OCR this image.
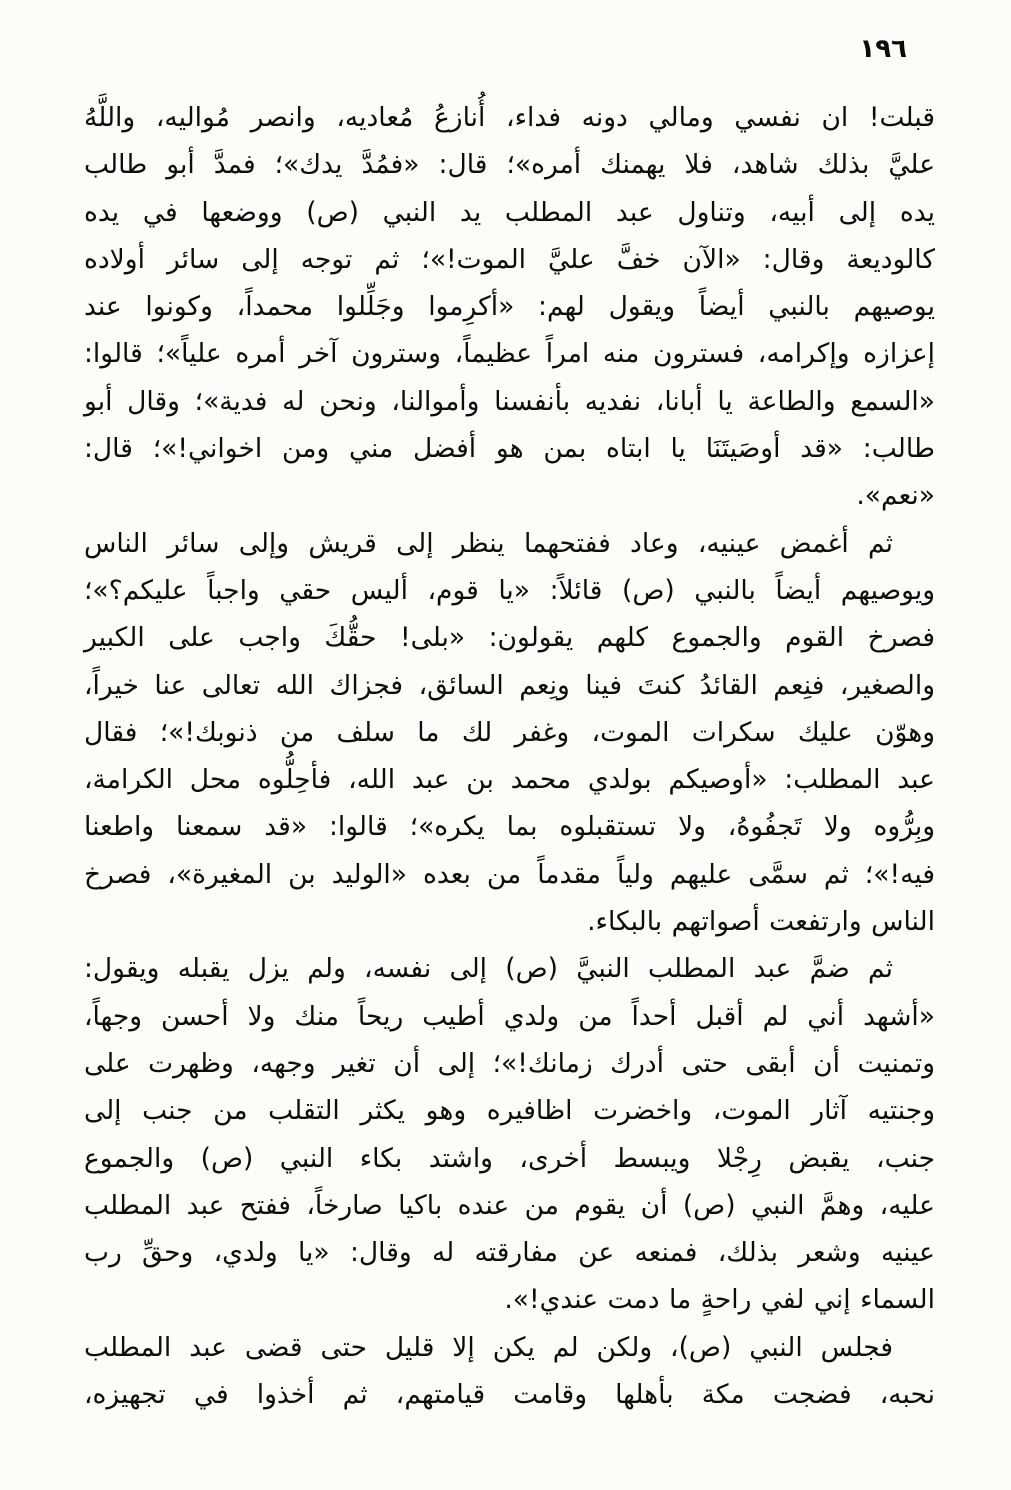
١٩٦
قبلت! ان نفسي ومالي دونه فداء، أُنازعُ مُعاديه، وانصر مُواليه، واللَّهُ
عليَّ بذلك شاهد، فلا يهمنك أمره»؛ قال: «فمُدَّ يدك»؛ فمدَّ أبو طالب
يده إلى أبيه، وتناول عبد المطلب يد النبي (ص) ووضعها في يده
كالوديعة وقال: «الآن خفَّ عليَّ الموت!»؛ ثم توجه إلى سائر أولاده
يوصيهم بالنبي أيضاً ويقول لهم: «أكرِموا وجَلِّلوا محمداً، وكونوا عند
إعزازه وإكرامه، فسترون منه امراً عظيماً، وسترون آخر أمره علياً»؛ قالوا:
«السمع والطاعة يا أبانا، نفديه بأنفسنا وأموالنا، ونحن له فدية»؛ وقال أبو
طالب: «قد أوصَيتَنَا يا ابتاه بمن هو أفضل مني ومن اخواني!»؛ قال:
«نعم».
ثم أغمض عينيه، وعاد ففتحهما ينظر إلى قريش وإلى سائر الناس
ويوصيهم أيضاً بالنبي (ص) قائلاً: «يا قوم، أليس حقي واجباً عليكم؟»؛
فصرخ القوم والجموع كلهم يقولون: «بلى! حقُّكَ واجب على الكبير
والصغير، فنِعم القائدُ كنتَ فينا ونِعم السائق، فجزاك الله تعالى عنا خيراً،
وهوّن عليك سكرات الموت، وغفر لك ما سلف من ذنوبك!»؛ فقال
عبد المطلب: «أوصيكم بولدي محمد بن عبد الله، فأحِلُّوه محل الكرامة،
وبِرُّوه ولا تَجفُوهُ، ولا تستقبلوه بما يكره»؛ قالوا: «قد سمعنا واطعنا
فيه!»؛ ثم سمَّى عليهم ولياً مقدماً من بعده «الوليد بن المغيرة»، فصرخ
الناس وارتفعت أصواتهم بالبكاء.
ثم ضمَّ عبد المطلب النبيَّ (ص) إلى نفسه، ولم يزل يقبله ويقول:
«أشهد أني لم أقبل أحداً من ولدي أطيب ريحاً منك ولا أحسن وجهاً،
وتمنيت أن أبقى حتى أدرك زمانك!»؛ إلى أن تغير وجهه، وظهرت على
وجنتيه آثار الموت، واخضرت اظافيره وهو يكثر التقلب من جنب إلى
جنب، يقبض رِجْلا ويبسط أخرى، واشتد بكاء النبي (ص) والجموع
عليه، وهمَّ النبي (ص) أن يقوم من عنده باكيا صارخاً، ففتح عبد المطلب
عينيه وشعر بذلك، فمنعه عن مفارقته له وقال: «يا ولدي، وحقِّ رب
السماء إني لفي راحةٍ ما دمت عندي!».
فجلس النبي (ص)، ولكن لم يكن إلا قليل حتى قضى عبد المطلب
نحبه، فضجت مكة بأهلها وقامت قيامتهم، ثم أخذوا في تجهيزه،
